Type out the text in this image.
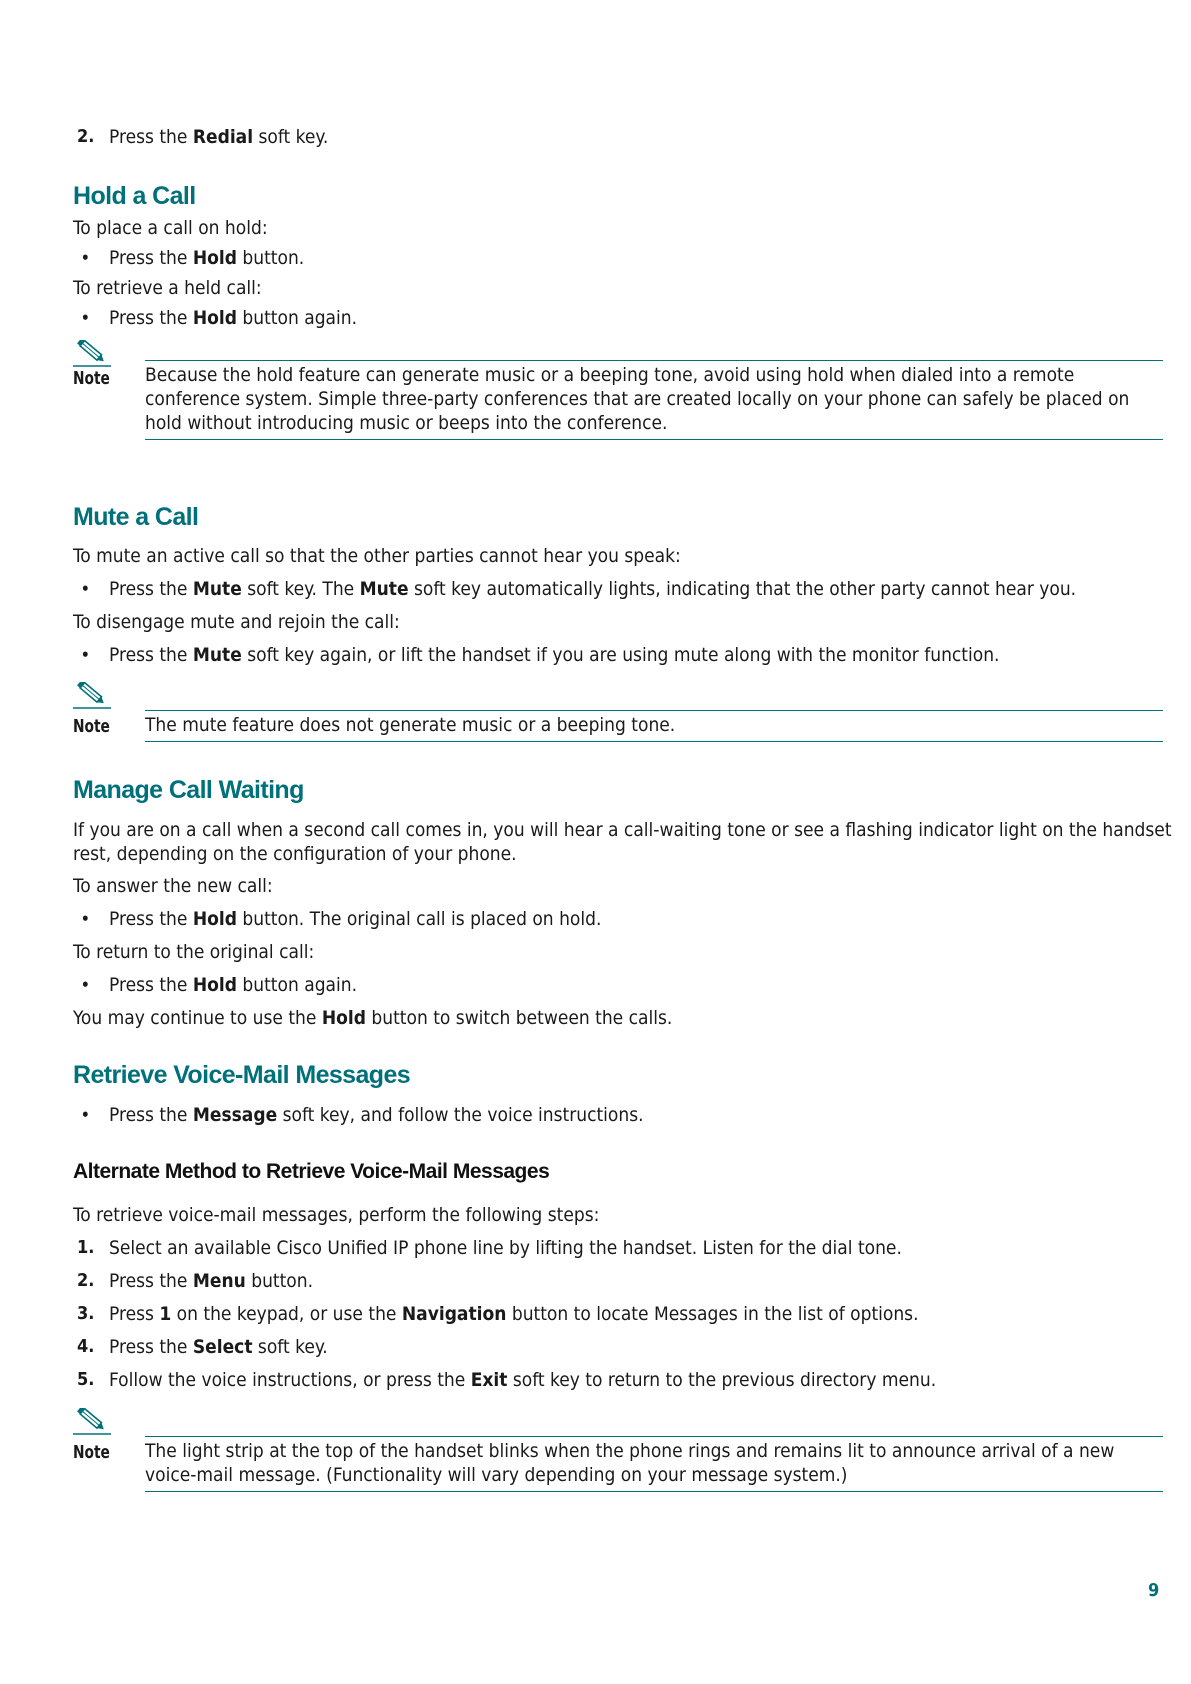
2. Press the Redial soft key.
Hold a Call
To place a call on hold:
• Press the Hold button.
To retrieve a held call:
• Press the Hold button again.
Note Because the hold feature can generate music or a beeping tone, avoid using hold when dialed into a remote conference system. Simple three-party conferences that are created locally on your phone can safely be placed on hold without introducing music or beeps into the conference.
Mute a Call
To mute an active call so that the other parties cannot hear you speak:
• Press the Mute soft key. The Mute soft key automatically lights, indicating that the other party cannot hear you.
To disengage mute and rejoin the call:
• Press the Mute soft key again, or lift the handset if you are using mute along with the monitor function.
Note The mute feature does not generate music or a beeping tone.
Manage Call Waiting
If you are on a call when a second call comes in, you will hear a call-waiting tone or see a flashing indicator light on the handset
rest, depending on the configuration of your phone.
To answer the new call:
• Press the Hold button. The original call is placed on hold.
To return to the original call:
• Press the Hold button again.
You may continue to use the Hold button to switch between the calls.
Retrieve Voice-Mail Messages
• Press the Message soft key, and follow the voice instructions.
Alternate Method to Retrieve Voice-Mail Messages
To retrieve voice-mail messages, perform the following steps:
1. Select an available Cisco Unified IP phone line by lifting the handset. Listen for the dial tone.
2. Press the Menu button.
3. Press 1 on the keypad, or use the Navigation button to locate Messages in the list of options.
4. Press the Select soft key.
5. Follow the voice instructions, or press the Exit soft key to return to the previous directory menu.
Note The light strip at the top of the handset blinks when the phone rings and remains lit to announce arrival of a new voice-mail message. (Functionality will vary depending on your message system.)
9
